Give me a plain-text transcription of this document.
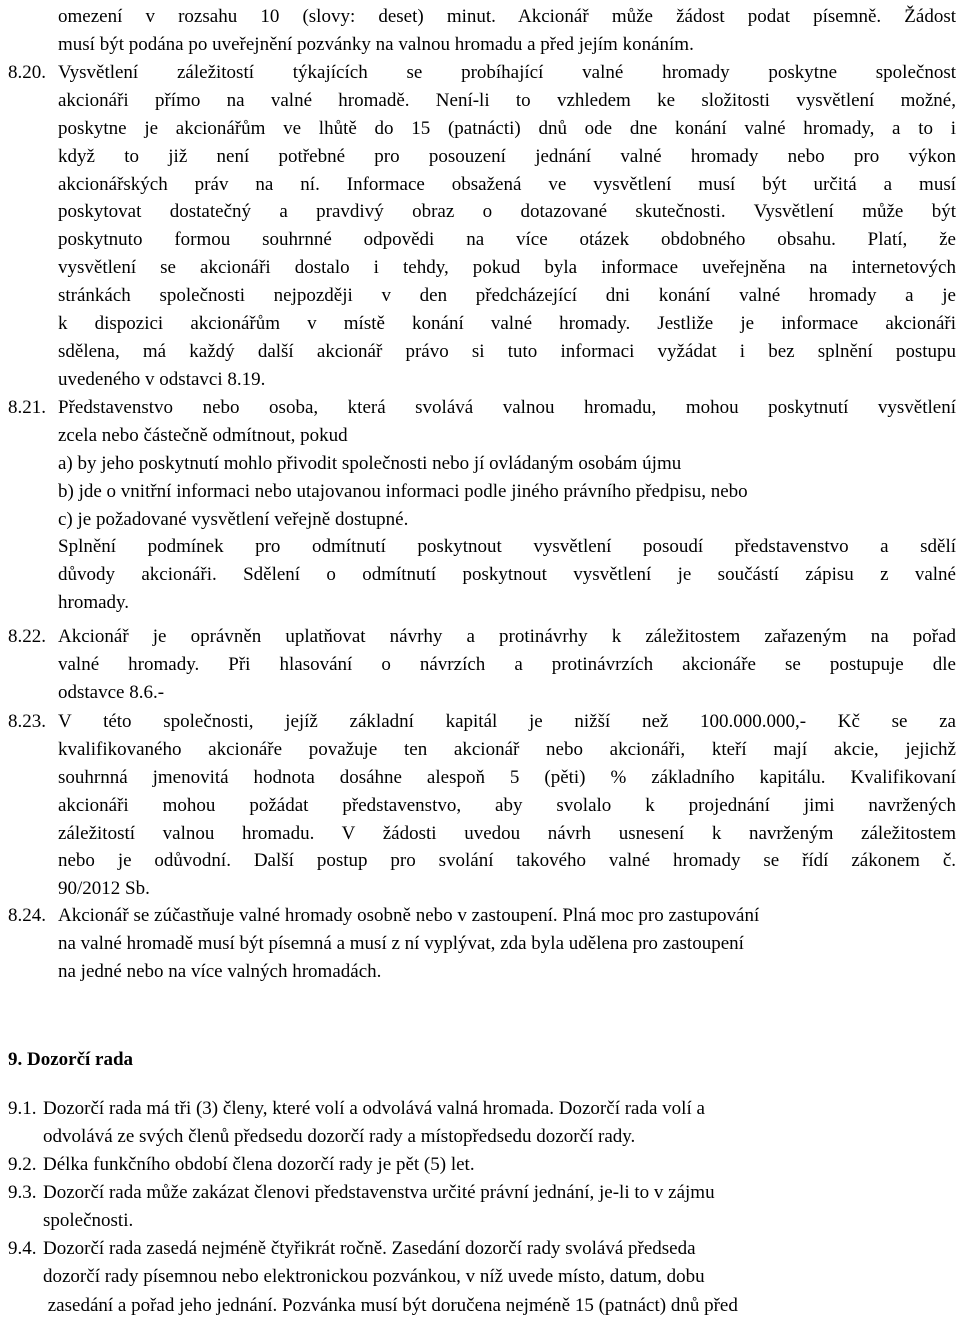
omezení v rozsahu 10 (slovy: deset) minut. Akcionář může žádost podat písemně. Žádost
musí být podána po uveřejnění pozvánky na valnou hromadu a před jejím konáním.
8.20. Vysvětlení záležitostí týkajících se probíhající valné hromady poskytne společnost
akcionáři přímo na valné hromadě. Není-li to vzhledem ke složitosti vysvětlení možné,
poskytne je akcionářům ve lhůtě do 15 (patnácti) dnů ode dne konání valné hromady, a to i
když to již není potřebné pro posouzení jednání valné hromady nebo pro výkon
akcionářských práv na ní. Informace obsažená ve vysvětlení musí být určitá a musí
poskytovat dostatečný a pravdivý obraz o dotazované skutečnosti. Vysvětlení může být
poskytnuto formou souhrnné odpovědi na více otázek obdobného obsahu. Platí, že
vysvětlení se akcionáři dostalo i tehdy, pokud byla informace uveřejněna na internetových
stránkách společnosti nejpozději v den předcházející dni konání valné hromady a je
k dispozici akcionářům v místě konání valné hromady. Jestliže je informace akcionáři
sdělena, má každý další akcionář právo si tuto informaci vyžádat i bez splnění postupu
uvedeného v odstavci 8.19.
8.21. Představenstvo nebo osoba, která svolává valnou hromadu, mohou poskytnutí vysvětlení
zcela nebo částečně odmítnout, pokud
a) by jeho poskytnutí mohlo přivodit společnosti nebo jí ovládaným osobám újmu
b) jde o vnitřní informaci nebo utajovanou informaci podle jiného právního předpisu, nebo
c) je požadované vysvětlení veřejně dostupné.
Splnění podmínek pro odmítnutí poskytnout vysvětlení posoudí představenstvo a sdělí
důvody akcionáři. Sdělení o odmítnutí poskytnout vysvětlení je součástí zápisu z valné
hromady.
8.22. Akcionář je oprávněn uplatňovat návrhy a protinávrhy k záležitostem zařazeným na pořad
valné hromady. Při hlasování o návrzích a protinávrzích akcionáře se postupuje dle
odstavce 8.6.-
8.23. V této společnosti, jejíž základní kapitál je nižší než 100.000.000,- Kč se za
kvalifikovaného akcionáře považuje ten akcionář nebo akcionáři, kteří mají akcie, jejichž
souhrnná jmenovitá hodnota dosáhne alespoň 5 (pěti) % základního kapitálu. Kvalifikovaní
akcionáři mohou požádat představenstvo, aby svolalo k projednání jimi navržených
záležitostí valnou hromadu. V žádosti uvedou návrh usnesení k navrženým záležitostem
nebo je odůvodní. Další postup pro svolání takového valné hromady se řídí zákonem č.
90/2012 Sb.
8.24. Akcionář se zúčastňuje valné hromady osobně nebo v zastoupení. Plná moc pro zastupování
na valné hromadě musí být písemná a musí z ní vyplývat, zda byla udělena pro zastoupení
na jedné nebo na více valných hromadách.
9. Dozorčí rada
9.1. Dozorčí rada má tři (3) členy, které volí a odvolává valná hromada. Dozorčí rada volí a
odvolává ze svých členů předsedu dozorčí rady a místopředsedu dozorčí rady.
9.2. Délka funkčního období člena dozorčí rady je pět (5) let.
9.3. Dozorčí rada může zakázat členovi představenstva určité právní jednání, je-li to v zájmu
společnosti.
9.4. Dozorčí rada zasedá nejméně čtyřikrát ročně. Zasedání dozorčí rady svolává předseda
dozorčí rady písemnou nebo elektronickou pozvánkou, v níž uvede místo, datum, dobu
zasedání a pořad jeho jednání. Pozvánka musí být doručena nejméně 15 (patnáct) dnů před
